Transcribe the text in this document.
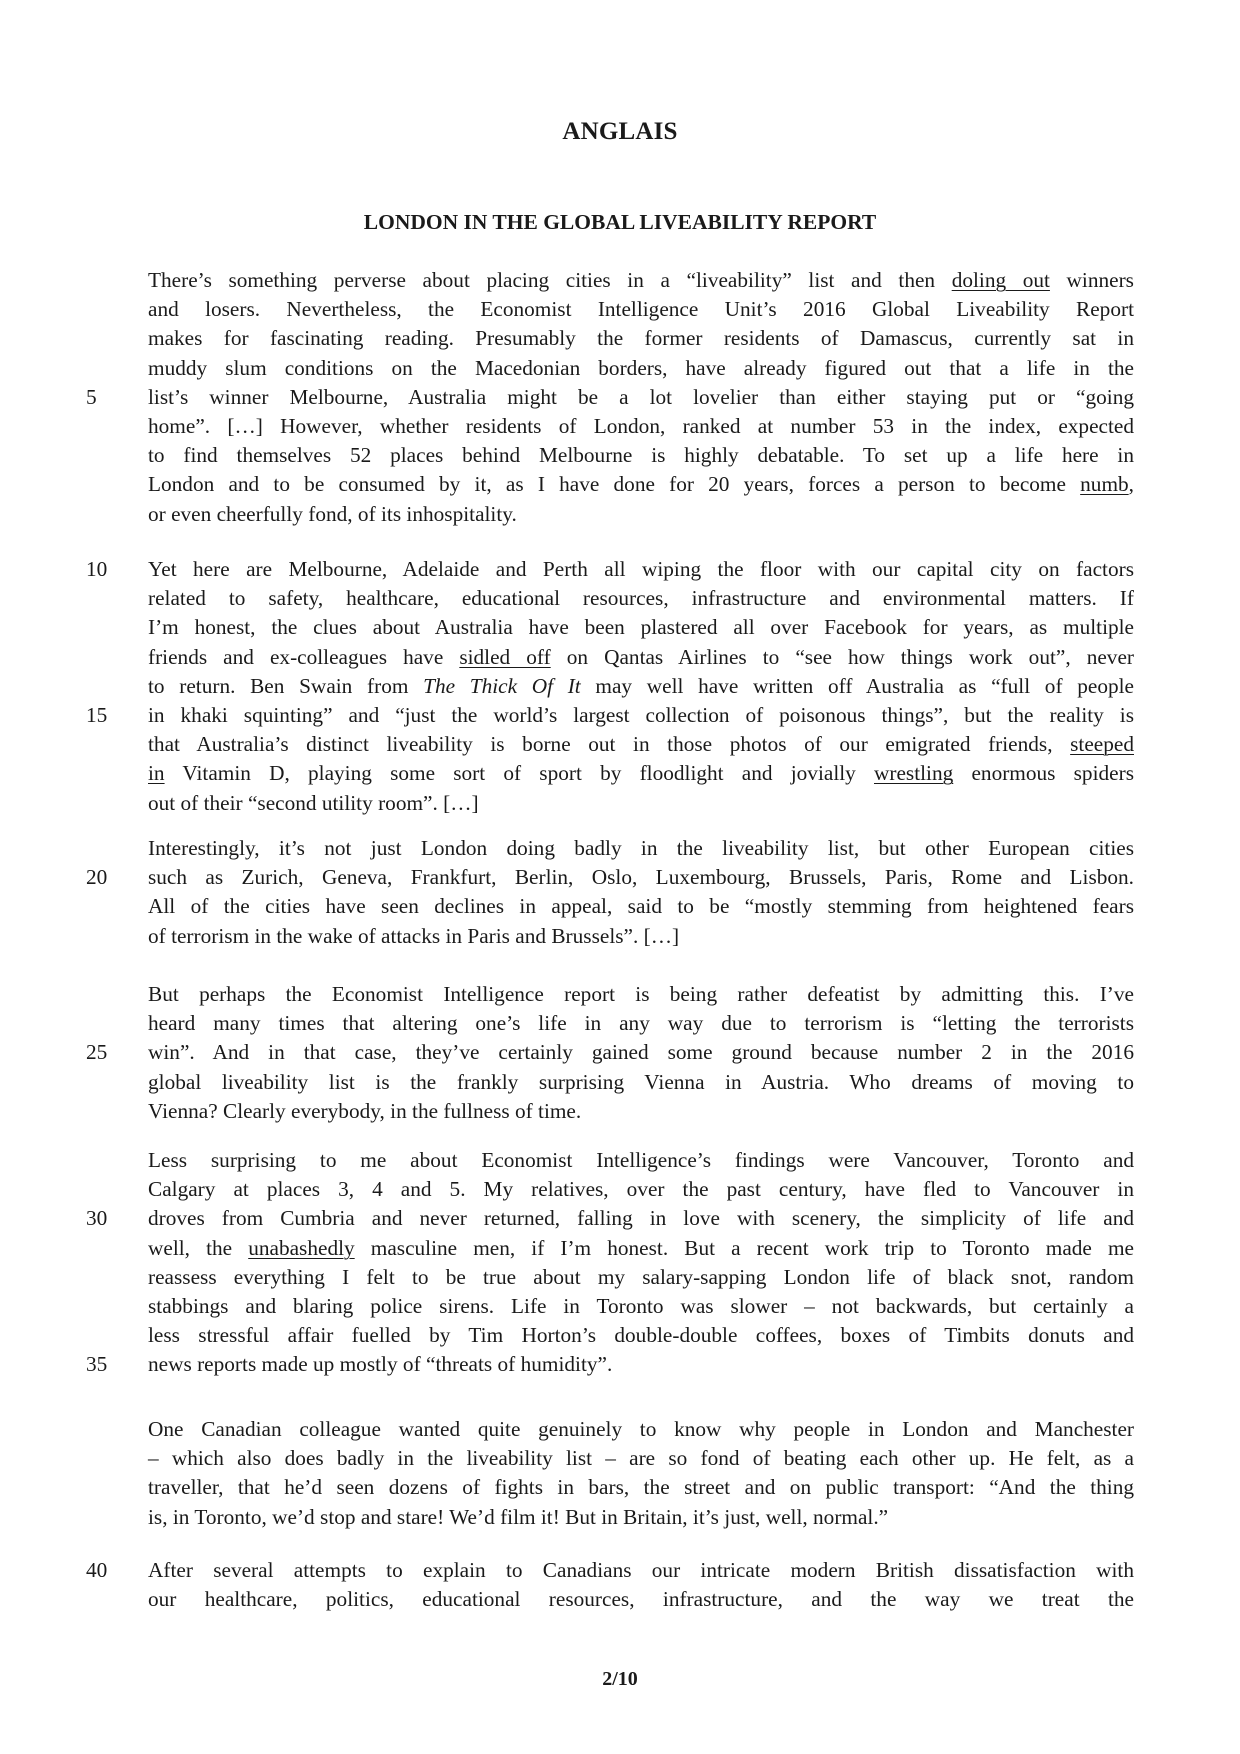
ANGLAIS
LONDON IN THE GLOBAL LIVEABILITY REPORT
There’s something perverse about placing cities in a “liveability” list and then doling out winners
and losers. Nevertheless, the Economist Intelligence Unit’s 2016 Global Liveability Report
makes for fascinating reading. Presumably the former residents of Damascus, currently sat in
muddy slum conditions on the Macedonian borders, have already figured out that a life in the
5	list’s winner Melbourne, Australia might be a lot lovelier than either staying put or “going
home”. […] However, whether residents of London, ranked at number 53 in the index, expected
to find themselves 52 places behind Melbourne is highly debatable. To set up a life here in
London and to be consumed by it, as I have done for 20 years, forces a person to become numb,
or even cheerfully fond, of its inhospitality.
10	Yet here are Melbourne, Adelaide and Perth all wiping the floor with our capital city on factors
related to safety, healthcare, educational resources, infrastructure and environmental matters. If
I’m honest, the clues about Australia have been plastered all over Facebook for years, as multiple
friends and ex-colleagues have sidled off on Qantas Airlines to “see how things work out”, never
to return. Ben Swain from The Thick Of It may well have written off Australia as “full of people
15	in khaki squinting” and “just the world’s largest collection of poisonous things”, but the reality is
that Australia’s distinct liveability is borne out in those photos of our emigrated friends, steeped
in Vitamin D, playing some sort of sport by floodlight and jovially wrestling enormous spiders
out of their “second utility room”. […]
Interestingly, it’s not just London doing badly in the liveability list, but other European cities
20	such as Zurich, Geneva, Frankfurt, Berlin, Oslo, Luxembourg, Brussels, Paris, Rome and Lisbon.
All of the cities have seen declines in appeal, said to be “mostly stemming from heightened fears
of terrorism in the wake of attacks in Paris and Brussels”. […]
But perhaps the Economist Intelligence report is being rather defeatist by admitting this. I’ve
heard many times that altering one’s life in any way due to terrorism is “letting the terrorists
25	win”. And in that case, they’ve certainly gained some ground because number 2 in the 2016
global liveability list is the frankly surprising Vienna in Austria. Who dreams of moving to
Vienna? Clearly everybody, in the fullness of time.
Less surprising to me about Economist Intelligence’s findings were Vancouver, Toronto and
Calgary at places 3, 4 and 5. My relatives, over the past century, have fled to Vancouver in
30	droves from Cumbria and never returned, falling in love with scenery, the simplicity of life and
well, the unabashedly masculine men, if I’m honest. But a recent work trip to Toronto made me
reassess everything I felt to be true about my salary-sapping London life of black snot, random
stabbings and blaring police sirens. Life in Toronto was slower – not backwards, but certainly a
less stressful affair fuelled by Tim Horton’s double-double coffees, boxes of Timbits donuts and
35	news reports made up mostly of “threats of humidity”.
One Canadian colleague wanted quite genuinely to know why people in London and Manchester
– which also does badly in the liveability list – are so fond of beating each other up. He felt, as a
traveller, that he’d seen dozens of fights in bars, the street and on public transport: “And the thing
is, in Toronto, we’d stop and stare! We’d film it! But in Britain, it’s just, well, normal.”
40	After several attempts to explain to Canadians our intricate modern British dissatisfaction with
our healthcare, politics, educational resources, infrastructure, and the way we treat the
2/10
